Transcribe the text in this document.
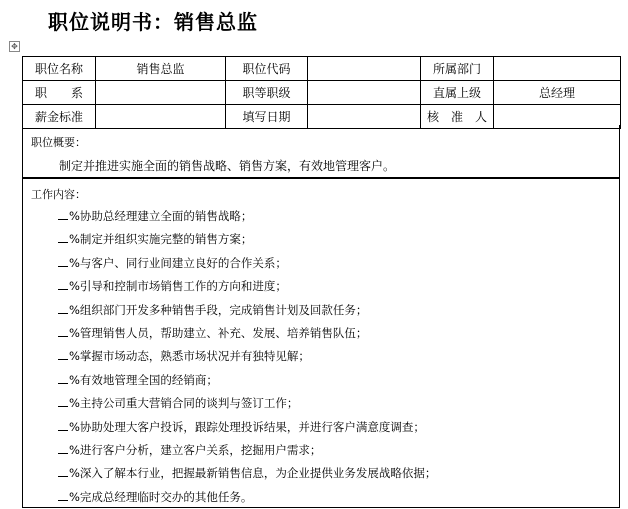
职位说明书：销售总监
✥
职位名称	销售总监	职位代码		所属部门	
职　　系		职等职级		直属上级	总经理
薪金标准		填写日期		核　准　人	
职位概要：
制定并推进实施全面的销售战略、销售方案，有效地管理客户。
工作内容：
%协助总经理建立全面的销售战略；
%制定并组织实施完整的销售方案；
%与客户、同行业间建立良好的合作关系；
%引导和控制市场销售工作的方向和进度；
%组织部门开发多种销售手段，完成销售计划及回款任务；
%管理销售人员，帮助建立、补充、发展、培养销售队伍；
%掌握市场动态，熟悉市场状况并有独特见解；
%有效地管理全国的经销商；
%主持公司重大营销合同的谈判与签订工作；
%协助处理大客户投诉，跟踪处理投诉结果，并进行客户满意度调查；
%进行客户分析，建立客户关系，挖掘用户需求；
%深入了解本行业，把握最新销售信息，为企业提供业务发展战略依据；
%完成总经理临时交办的其他任务。
